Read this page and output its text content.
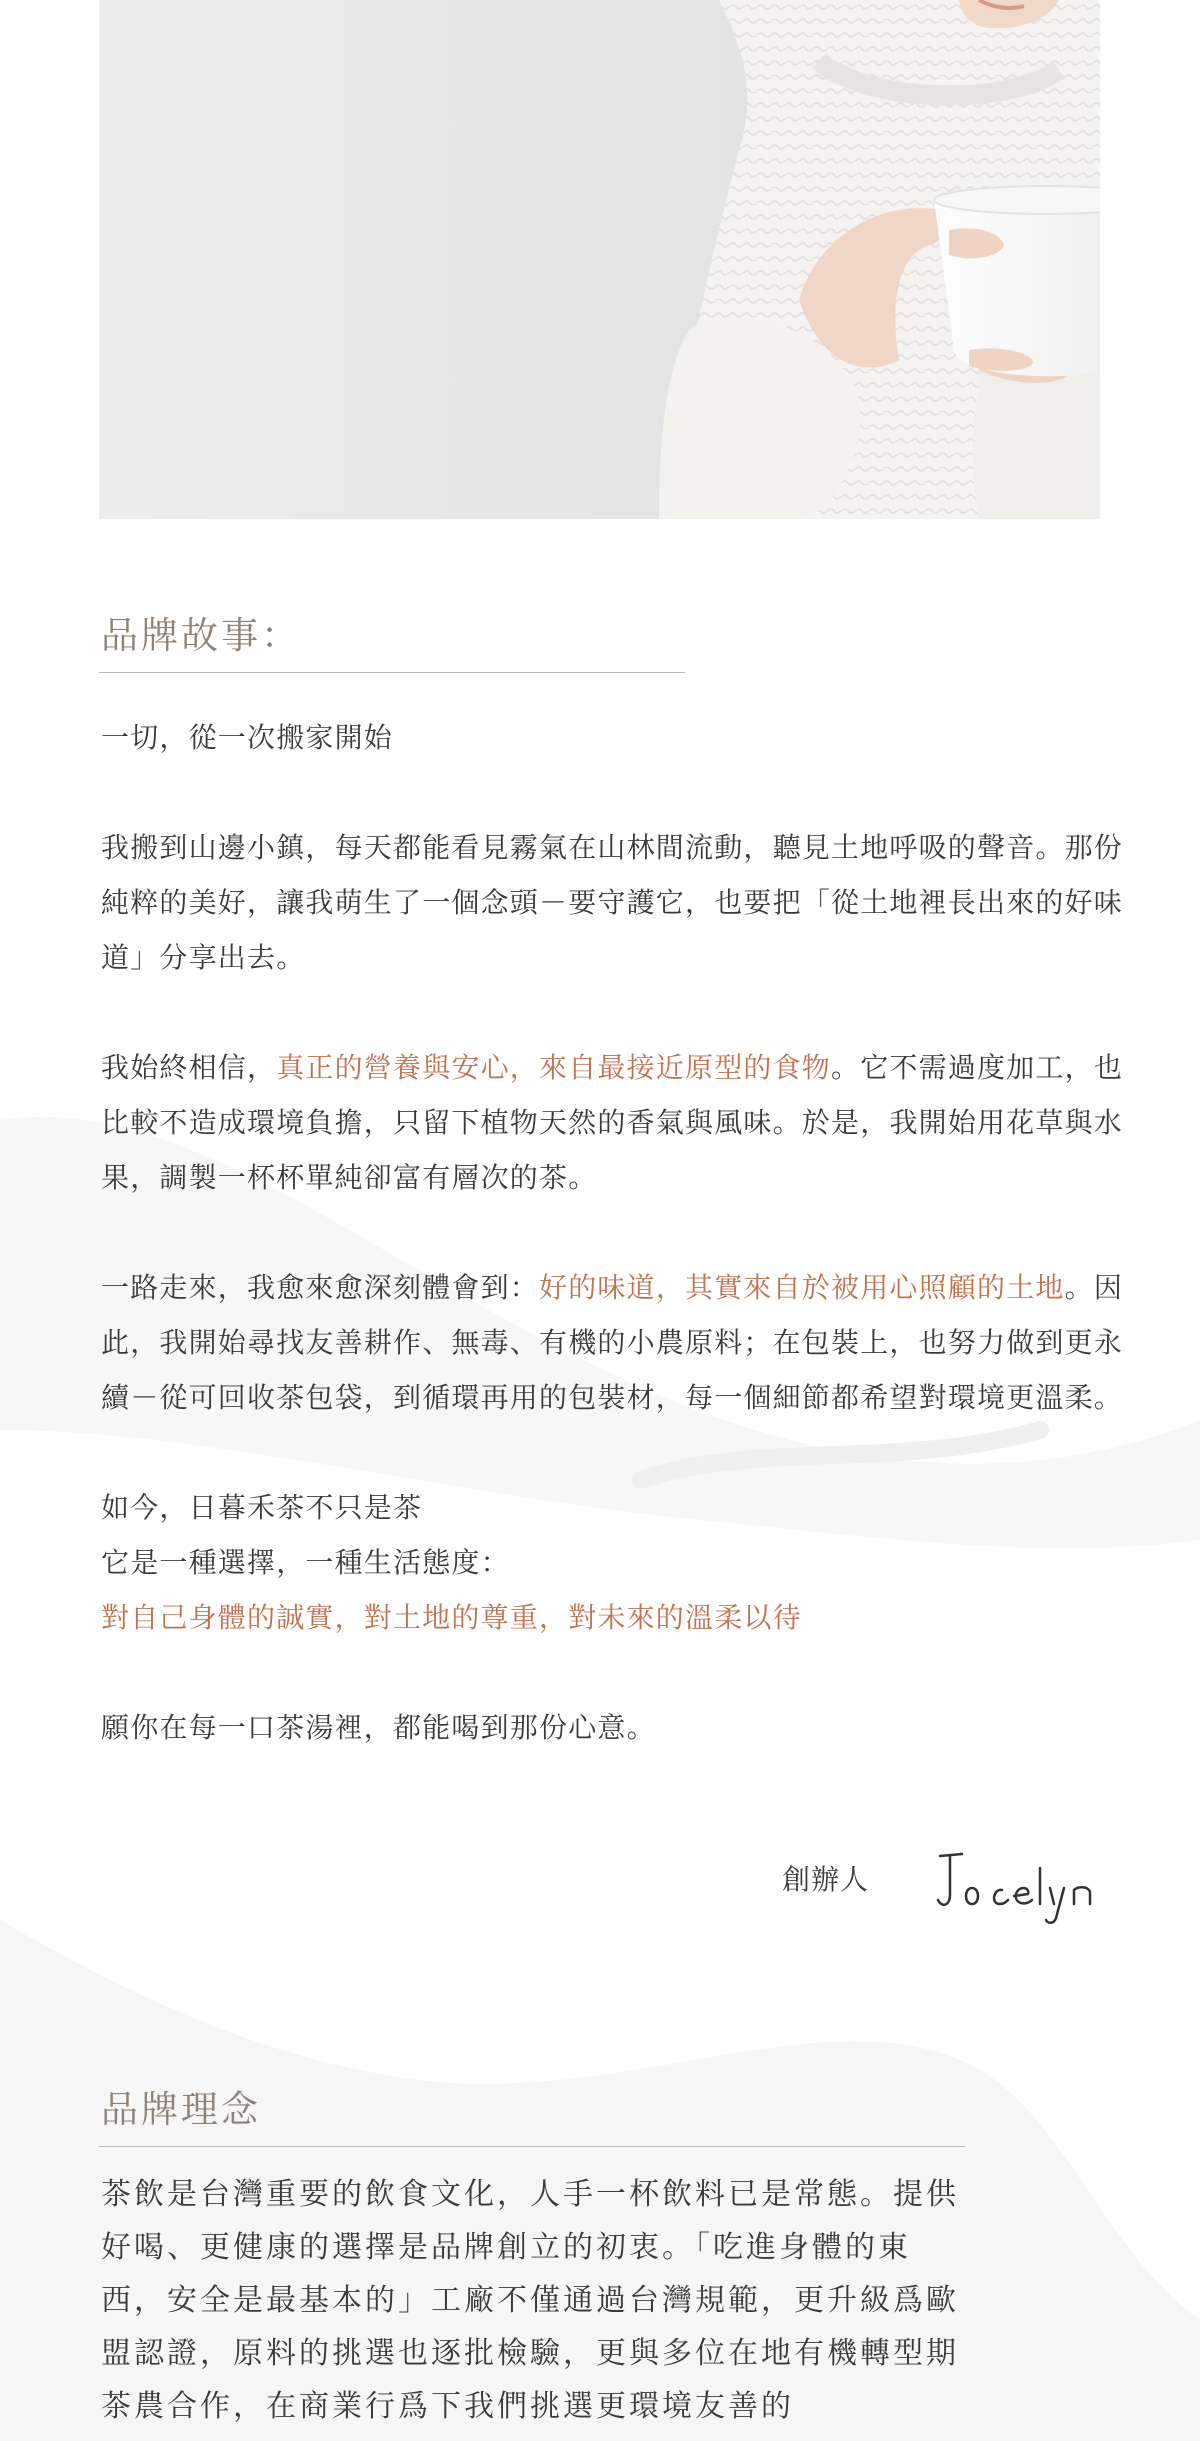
品牌故事：

一切，從一次搬家開始

我搬到山邊小鎮，每天都能看見霧氣在山林間流動，聽見土地呼吸的聲音。那份純粹的美好，讓我萌生了一個念頭－要守護它，也要把「從土地裡長出來的好味道」分享出去。

我始終相信，真正的營養與安心，來自最接近原型的食物。它不需過度加工，也比較不造成環境負擔，只留下植物天然的香氣與風味。於是，我開始用花草與水果，調製一杯杯單純卻富有層次的茶。

一路走來，我愈來愈深刻體會到：好的味道，其實來自於被用心照顧的土地。因此，我開始尋找友善耕作、無毒、有機的小農原料；在包裝上，也努力做到更永續－從可回收茶包袋，到循環再用的包裝材，每一個細節都希望對環境更溫柔。

如今，日暮禾茶不只是茶
它是一種選擇，一種生活態度：
對自己身體的誠實，對土地的尊重，對未來的溫柔以待

願你在每一口茶湯裡，都能喝到那份心意。

創辦人
品牌理念

茶飲是台灣重要的飲食文化，人手一杯飲料已是常態。提供好喝、更健康的選擇是品牌創立的初衷。「吃進身體的東西，安全是最基本的」工廠不僅通過台灣規範，更升級爲歐盟認證，原料的挑選也逐批檢驗，更與多位在地有機轉型期茶農合作，在商業行爲下我們挑選更環境友善的
